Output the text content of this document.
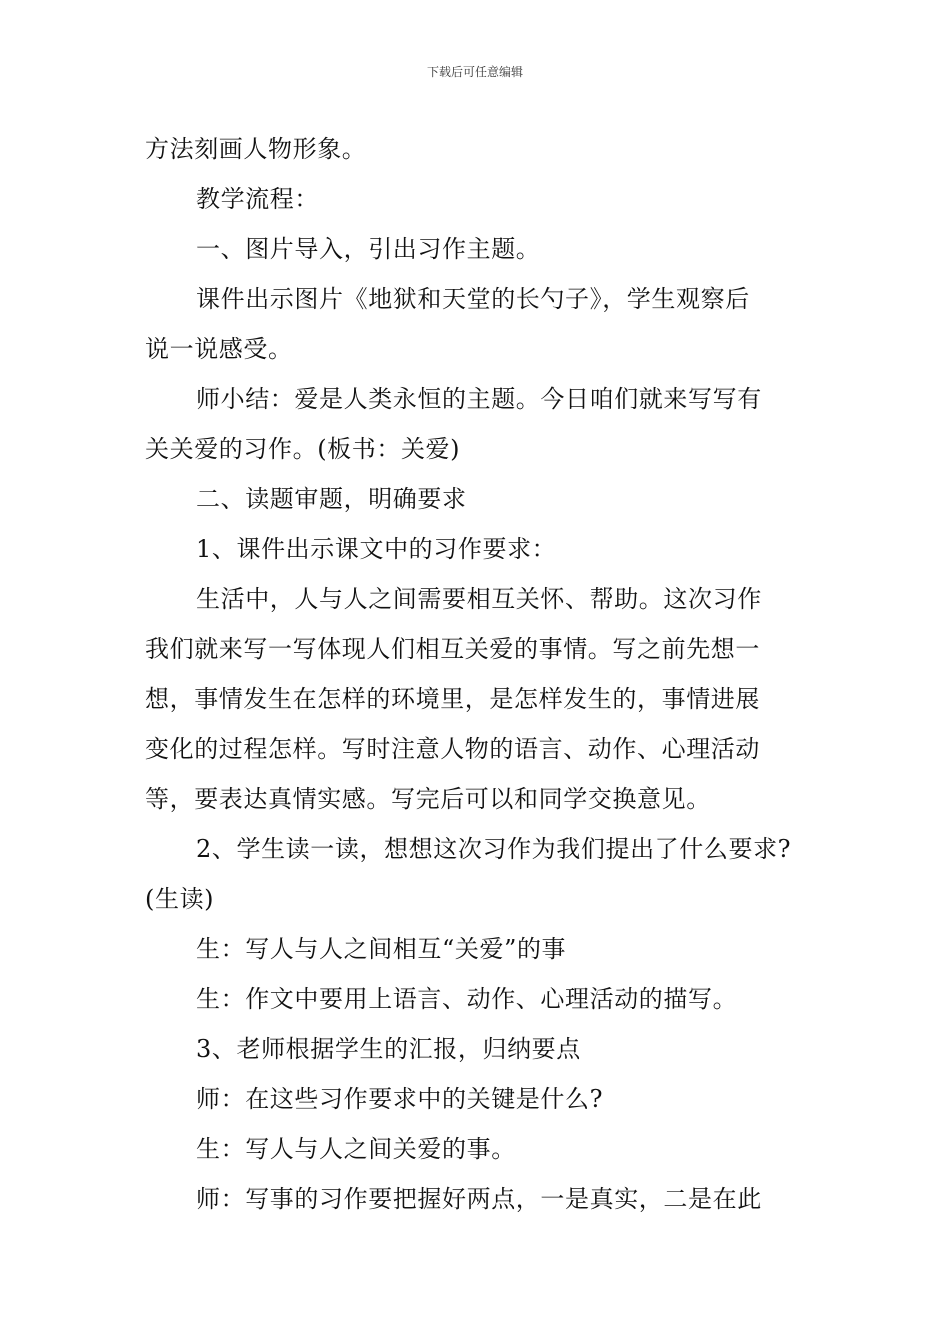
下载后可任意编辑

方法刻画人物形象。

教学流程：

一、图片导入，引出习作主题。

课件出示图片《地狱和天堂的长勺子》，学生观察后

说一说感受。

师小结：爱是人类永恒的主题。今日咱们就来写写有

关关爱的习作。(板书：关爱)

二、读题审题，明确要求

1、课件出示课文中的习作要求：

生活中，人与人之间需要相互关怀、帮助。这次习作

我们就来写一写体现人们相互关爱的事情。写之前先想一

想，事情发生在怎样的环境里，是怎样发生的，事情进展

变化的过程怎样。写时注意人物的语言、动作、心理活动

等，要表达真情实感。写完后可以和同学交换意见。

2、学生读一读，想想这次习作为我们提出了什么要求?

(生读)

生：写人与人之间相互“关爱”的事

生：作文中要用上语言、动作、心理活动的描写。

3、老师根据学生的汇报，归纳要点

师：在这些习作要求中的关键是什么?

生：写人与人之间关爱的事。

师：写事的习作要把握好两点，一是真实，二是在此
